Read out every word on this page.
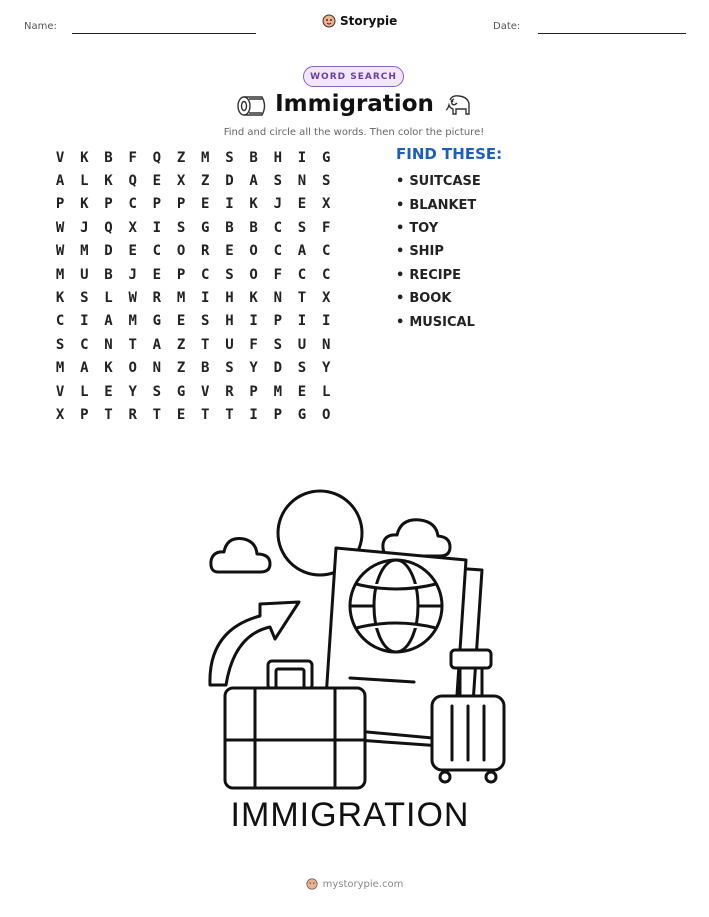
Name:	Storypie	Date:
WORD SEARCH
Immigration
Find and circle all the words. Then color the picture!
V	K	B	F	Q	Z	M	S	B	H	I	G
A	L	K	Q	E	X	Z	D	A	S	N	S
P	K	P	C	P	P	E	I	K	J	E	X
W	J	Q	X	I	S	G	B	B	C	S	F
W	M	D	E	C	O	R	E	O	C	A	C
M	U	B	J	E	P	C	S	O	F	C	C
K	S	L	W	R	M	I	H	K	N	T	X
C	I	A	M	G	E	S	H	I	P	I	I
S	C	N	T	A	Z	T	U	F	S	U	N
M	A	K	O	N	Z	B	S	Y	D	S	Y
V	L	E	Y	S	G	V	R	P	M	E	L
X	P	T	R	T	E	T	T	I	P	G	O
FIND THESE:
• SUITCASE
• BLANKET
• TOY
• SHIP
• RECIPE
• BOOK
• MUSICAL
IMMIGRATION
mystorypie.com
